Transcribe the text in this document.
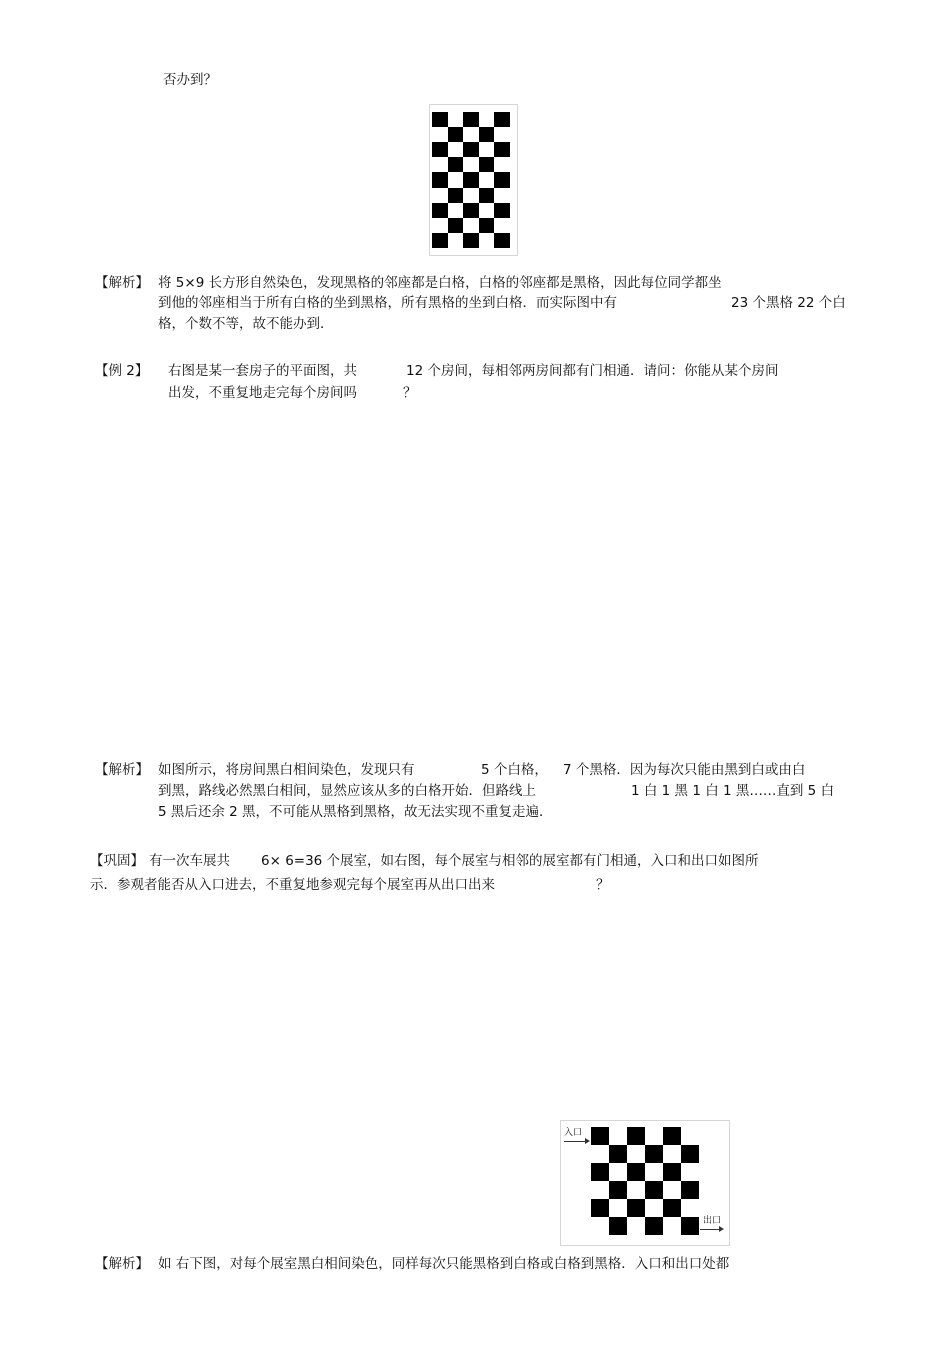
否办到？
【解析】 将 5×9 长方形自然染色，发现黑格的邻座都是白格，白格的邻座都是黑格，因此每位同学都坐
到他的邻座相当于所有白格的坐到黑格，所有黑格的坐到白格．而实际图中有	23 个黑格 22 个白
格，个数不等，故不能办到．
【例 2】 右图是某一套房子的平面图，共	12 个房间，每相邻两房间都有门相通．请问：你能从某个房间
出发，不重复地走完每个房间吗	？
【解析】 如图所示，将房间黑白相间染色，发现只有	5 个白格， 7 个黑格．因为每次只能由黑到白或由白
到黑，路线必然黑白相间，显然应该从多的白格开始．但路线上	1 白 1 黑 1 白 1 黑……直到 5 白
5 黑后还余 2 黑，不可能从黑格到黑格，故无法实现不重复走遍．
【巩固】 有一次车展共 6× 6=36 个展室，如右图，每个展室与相邻的展室都有门相通，入口和出口如图所
示．参观者能否从入口进去，不重复地参观完每个展室再从出口出来	？
入口
出口
【解析】 如 右下图，对每个展室黑白相间染色，同样每次只能黑格到白格或白格到黑格．入口和出口处都
